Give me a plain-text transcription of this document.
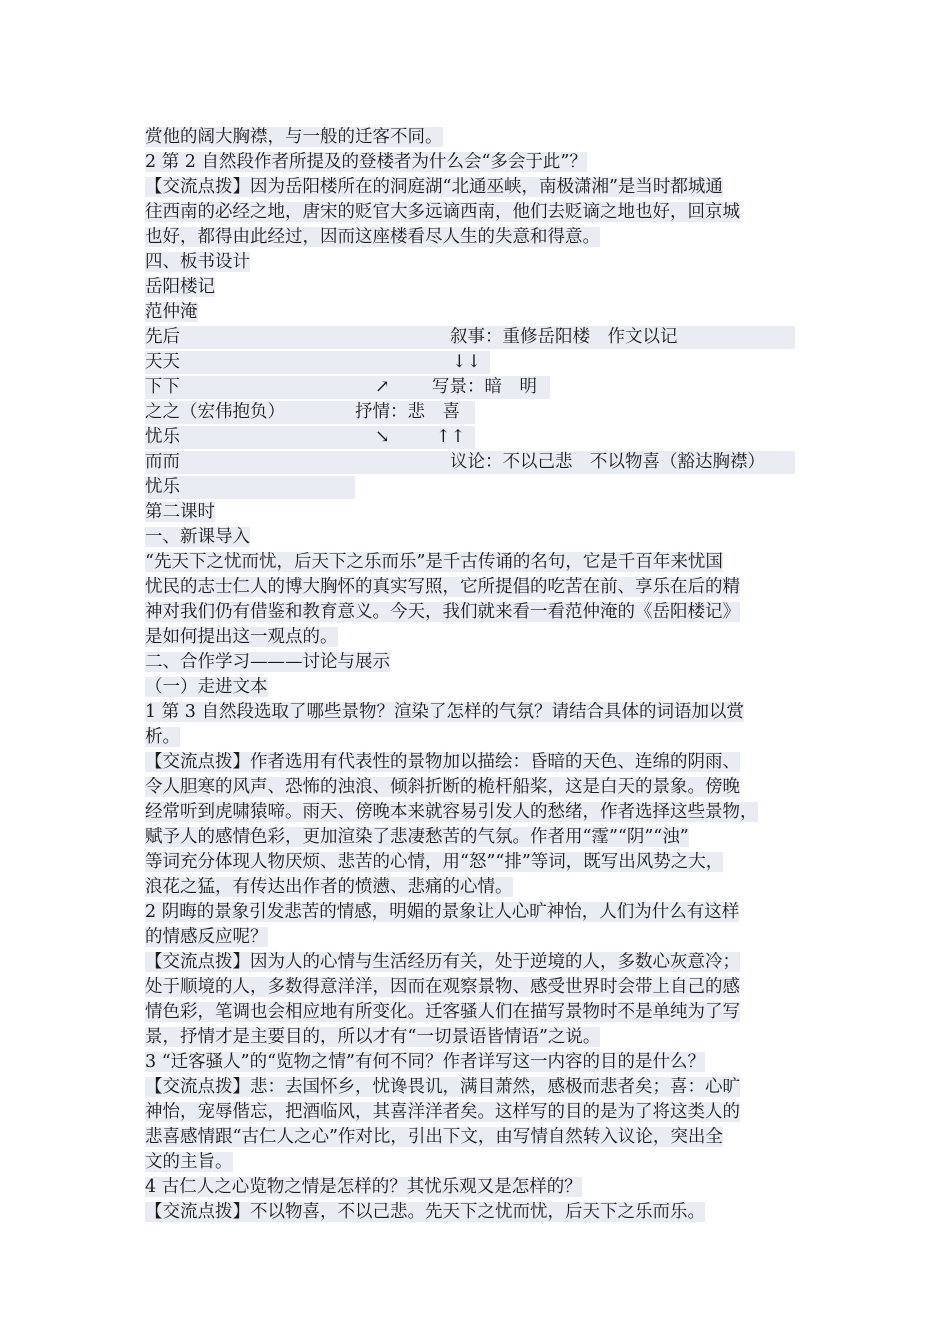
赏他的阔大胸襟，与一般的迁客不同。
2 第 2 自然段作者所提及的登楼者为什么会“多会于此”？
【交流点拨】因为岳阳楼所在的洞庭湖“北通巫峡，南极潇湘”是当时都城通
往西南的必经之地，唐宋的贬官大多远谪西南，他们去贬谪之地也好，回京城
也好，都得由此经过，因而这座楼看尽人生的失意和得意。
四、板书设计
岳阳楼记
范仲淹
先后	叙事：重修岳阳楼　作文以记
天天	↓↓
下下	↗ 写景：暗　明
之之（宏伟抱负）	抒情：悲　喜
忧乐	↘	↑↑
而而	议论：不以己悲　不以物喜（豁达胸襟）
忧乐
第二课时
一、新课导入
“先天下之忧而忧，后天下之乐而乐”是千古传诵的名句，它是千百年来忧国
忧民的志士仁人的博大胸怀的真实写照，它所提倡的吃苦在前、享乐在后的精
神对我们仍有借鉴和教育意义。今天，我们就来看一看范仲淹的《岳阳楼记》
是如何提出这一观点的。
二、合作学习———讨论与展示
（一）走进文本
1 第 3 自然段选取了哪些景物？渲染了怎样的气氛？请结合具体的词语加以赏
析。
【交流点拨】作者选用有代表性的景物加以描绘：昏暗的天色、连绵的阴雨、
令人胆寒的风声、恐怖的浊浪、倾斜折断的桅杆船桨，这是白天的景象。傍晚
经常听到虎啸猿啼。雨天、傍晚本来就容易引发人的愁绪，作者选择这些景物，
赋予人的感情色彩，更加渲染了悲凄愁苦的气氛。作者用“霪”“阴”“浊”
等词充分体现人物厌烦、悲苦的心情，用“怒”“排”等词，既写出风势之大，
浪花之猛，有传达出作者的愤懑、悲痛的心情。
2 阴晦的景象引发悲苦的情感，明媚的景象让人心旷神怡，人们为什么有这样
的情感反应呢？
【交流点拨】因为人的心情与生活经历有关，处于逆境的人，多数心灰意冷；
处于顺境的人，多数得意洋洋，因而在观察景物、感受世界时会带上自己的感
情色彩，笔调也会相应地有所变化。迁客骚人们在描写景物时不是单纯为了写
景，抒情才是主要目的，所以才有“一切景语皆情语”之说。
3 “迁客骚人”的“览物之情”有何不同？作者详写这一内容的目的是什么？
【交流点拨】悲：去国怀乡，忧谗畏讥，满目萧然，感极而悲者矣；喜：心旷
神怡，宠辱偕忘，把酒临风，其喜洋洋者矣。这样写的目的是为了将这类人的
悲喜感情跟“古仁人之心”作对比，引出下文，由写情自然转入议论，突出全
文的主旨。
4 古仁人之心览物之情是怎样的？其忧乐观又是怎样的？
【交流点拨】不以物喜，不以己悲。先天下之忧而忧，后天下之乐而乐。
